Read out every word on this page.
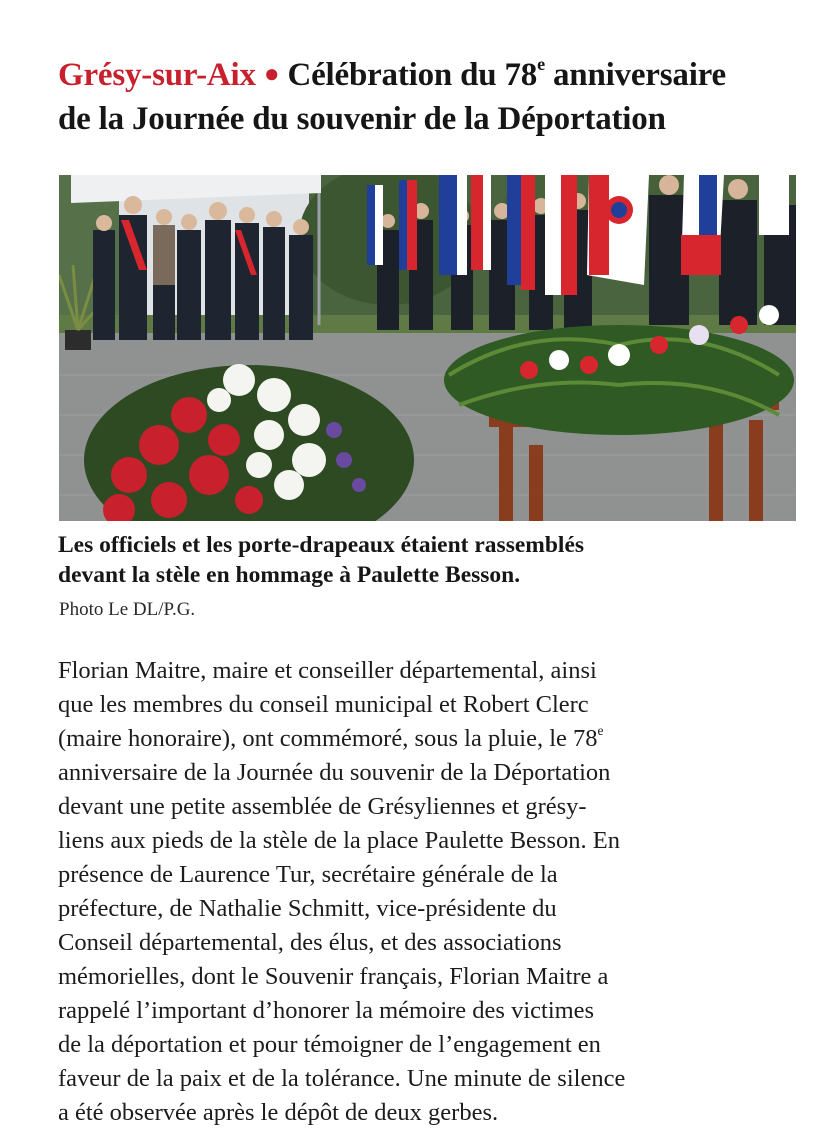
Grésy-sur-Aix ● Célébration du 78e anniversaire
de la Journée du souvenir de la Déportation

Les officiels et les porte-drapeaux étaient rassemblés
devant la stèle en hommage à Paulette Besson.

Photo Le DL/P.G.

Florian Maitre, maire et conseiller départemental, ainsi
que les membres du conseil municipal et Robert Clerc
(maire honoraire), ont commémoré, sous la pluie, le 78e
anniversaire de la Journée du souvenir de la Déportation
devant une petite assemblée de Grésyliennes et grésy-
liens aux pieds de la stèle de la place Paulette Besson. En
présence de Laurence Tur, secrétaire générale de la
préfecture, de Nathalie Schmitt, vice-présidente du
Conseil départemental, des élus, et des associations
mémorielles, dont le Souvenir français, Florian Maitre a
rappelé l’important d’honorer la mémoire des victimes
de la déportation et pour témoigner de l’engagement en
faveur de la paix et de la tolérance. Une minute de silence
a été observée après le dépôt de deux gerbes.
